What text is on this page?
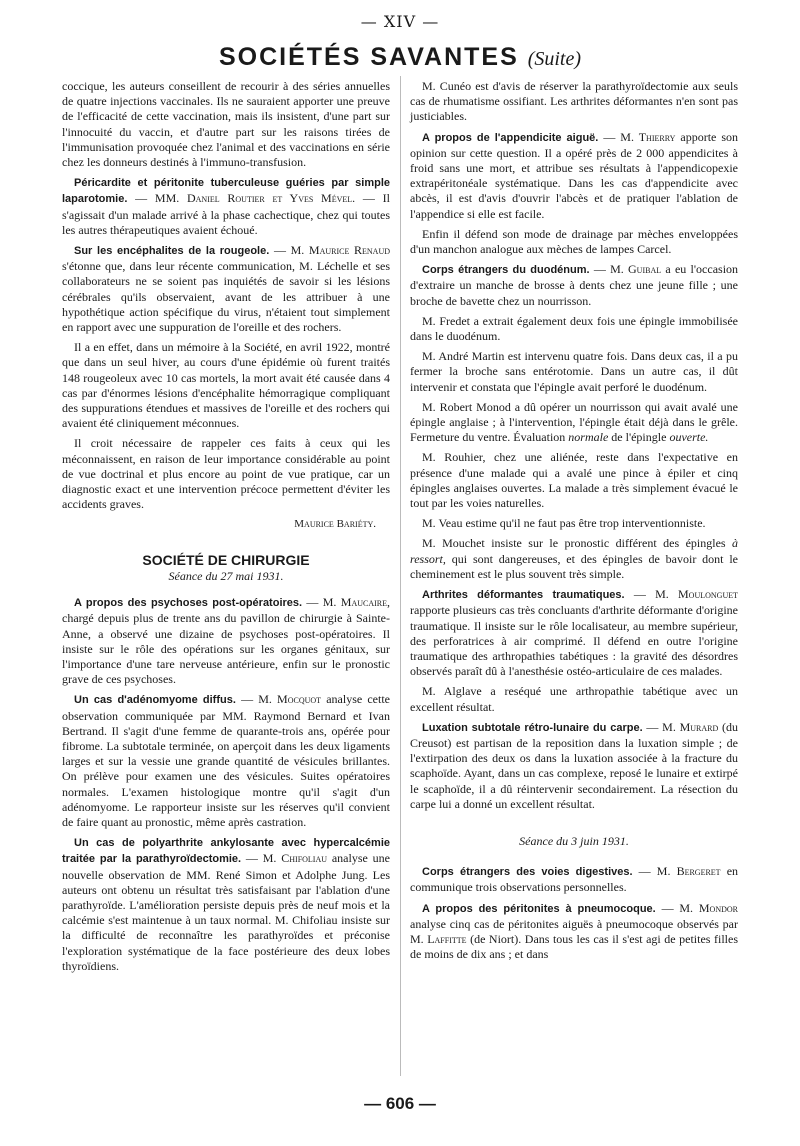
— XIV —
SOCIÉTÉS SAVANTES (Suite)

coccique, les auteurs conseillent de recourir à des séries annuelles de quatre injections vaccinales. Ils ne sauraient apporter une preuve de l'efficacité de cette vaccination, mais ils insistent, d'une part sur l'innocuité du vaccin, et d'autre part sur les raisons tirées de l'immunisation provoquée chez l'animal et des vaccinations en série chez les donneurs destinés à l'immuno-transfusion.

Péricardite et péritonite tuberculeuse guéries par simple laparotomie. — MM. Daniel Routier et Yves Mével. — Il s'agissait d'un malade arrivé à la phase cachectique, chez qui toutes les autres thérapeutiques avaient échoué.

Sur les encéphalites de la rougeole. — M. Maurice Renaud s'étonne que, dans leur récente communication, M. Léchelle et ses collaborateurs ne se soient pas inquiétés de savoir si les lésions cérébrales qu'ils observaient, avant de les attribuer à une hypothétique action spécifique du virus, n'étaient tout simplement en rapport avec une suppuration de l'oreille et des rochers.

Il a en effet, dans un mémoire à la Société, en avril 1922, montré que dans un seul hiver, au cours d'une épidémie où furent traités 148 rougeoleux avec 10 cas mortels, la mort avait été causée dans 4 cas par d'énormes lésions d'encéphalite hémorragique compliquant des suppurations étendues et massives de l'oreille et des rochers qui avaient été cliniquement méconnues.

Il croit nécessaire de rappeler ces faits à ceux qui les méconnaissent, en raison de leur importance considérable au point de vue doctrinal et plus encore au point de vue pratique, car un diagnostic exact et une intervention précoce permettent d'éviter les accidents graves.

Maurice Bariéty.
SOCIÉTÉ DE CHIRURGIE
Séance du 27 mai 1931.

A propos des psychoses post-opératoires. — M. Maucaire, chargé depuis plus de trente ans du pavillon de chirurgie à Sainte-Anne, a observé une dizaine de psychoses post-opératoires. Il insiste sur le rôle des opérations sur les organes génitaux, sur l'importance d'une tare nerveuse antérieure, enfin sur le pronostic grave de ces psychoses.

Un cas d'adénomyome diffus. — M. Mocquot analyse cette observation communiquée par MM. Raymond Bernard et Ivan Bertrand. Il s'agit d'une femme de quarante-trois ans, opérée pour fibrome. La subtotale terminée, on aperçoit dans les deux ligaments larges et sur la vessie une grande quantité de vésicules brillantes. On prélève pour examen une des vésicules. Suites opératoires normales. L'examen histologique montre qu'il s'agit d'un adénomyome. Le rapporteur insiste sur les réserves qu'il convient de faire quant au pronostic, même après castration.

Un cas de polyarthrite ankylosante avec hypercalcémie traitée par la parathyroïdectomie. — M. Chifoliau analyse une nouvelle observation de MM. René Simon et Adolphe Jung. Les auteurs ont obtenu un résultat très satisfaisant par l'ablation d'une parathyroïde. L'amélioration persiste depuis près de neuf mois et la calcémie s'est maintenue à un taux normal. M. Chifoliau insiste sur la difficulté de reconnaître les parathyroïdes et préconise l'exploration systématique de la face postérieure des deux lobes thyroïdiens.

M. Cunéo est d'avis de réserver la parathyroïdectomie aux seuls cas de rhumatisme ossifiant. Les arthrites déformantes n'en sont pas justiciables.

A propos de l'appendicite aiguë. — M. Thierry apporte son opinion sur cette question. Il a opéré près de 2 000 appendicites à froid sans une mort, et attribue ses résultats à l'appendicopexie extrapéritonéale systématique. Dans les cas d'appendicite avec abcès, il est d'avis d'ouvrir l'abcès et de pratiquer l'ablation de l'appendice si elle est facile.

Enfin il défend son mode de drainage par mèches enveloppées d'un manchon analogue aux mèches de lampes Carcel.

Corps étrangers du duodénum. — M. Guibal a eu l'occasion d'extraire un manche de brosse à dents chez une jeune fille ; une broche de bavette chez un nourrisson.

M. Fredet a extrait également deux fois une épingle immobilisée dans le duodénum.

M. André Martin est intervenu quatre fois. Dans deux cas, il a pu fermer la broche sans entérotomie. Dans un autre cas, il dût intervenir et constata que l'épingle avait perforé le duodénum.

M. Robert Monod a dû opérer un nourrisson qui avait avalé une épingle anglaise ; à l'intervention, l'épingle était déjà dans le grêle. Fermeture du ventre. Évaluation normale de l'épingle ouverte.

M. Rouhier, chez une aliénée, reste dans l'expectative en présence d'une malade qui a avalé une pince à épiler et cinq épingles anglaises ouvertes. La malade a très simplement évacué le tout par les voies naturelles.

M. Veau estime qu'il ne faut pas être trop interventionniste.

M. Mouchet insiste sur le pronostic différent des épingles à ressort, qui sont dangereuses, et des épingles de bavoir dont le cheminement est le plus souvent très simple.

Arthrites déformantes traumatiques. — M. Moulonguet rapporte plusieurs cas très concluants d'arthrite déformante d'origine traumatique. Il insiste sur le rôle localisateur, au membre supérieur, des perforatrices à air comprimé. Il défend en outre l'origine traumatique des arthropathies tabétiques : la gravité des désordres observés paraît dû à l'anesthésie ostéo-articulaire de ces malades.

M. Alglave a reséqué une arthropathie tabétique avec un excellent résultat.

Luxation subtotale rétro-lunaire du carpe. — M. Murard (du Creusot) est partisan de la reposition dans la luxation simple ; de l'extirpation des deux os dans la luxation associée à la fracture du scaphoïde. Ayant, dans un cas complexe, reposé le lunaire et extirpé le scaphoïde, il a dû réintervenir secondairement. La résection du carpe lui a donné un excellent résultat.

Séance du 3 juin 1931.

Corps étrangers des voies digestives. — M. Bergeret en communique trois observations personnelles.

A propos des péritonites à pneumocoque. — M. Mondor analyse cinq cas de péritonites aiguës à pneumocoque observés par M. Laffitte (de Niort). Dans tous les cas il s'est agi de petites filles de moins de dix ans ; et dans

— 606 —
